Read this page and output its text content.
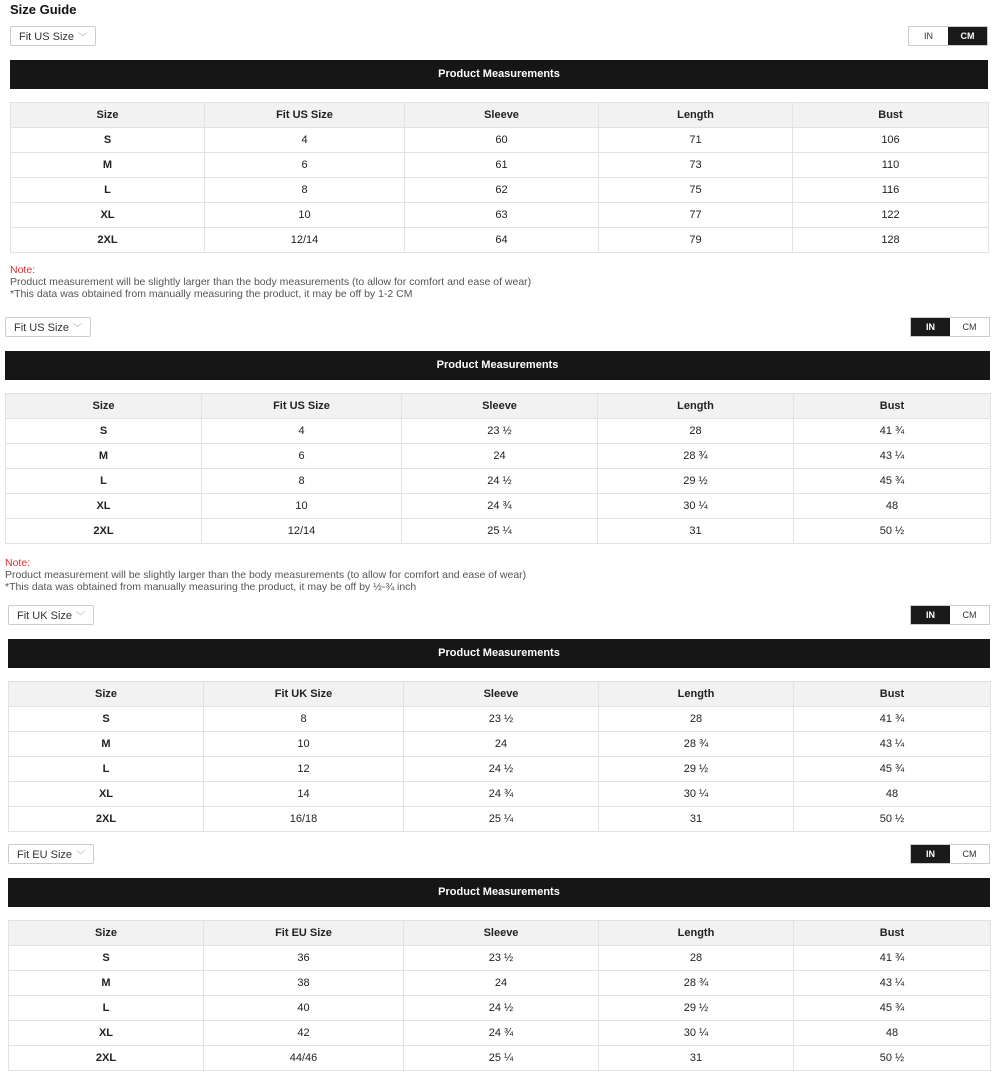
Size Guide
Fit US Size ﹀	IN	CM
Product Measurements
Size	Fit US Size	Sleeve	Length	Bust
S	4	60	71	106
M	6	61	73	110
L	8	62	75	116
XL	10	63	77	122
2XL	12/14	64	79	128
Note:
Product measurement will be slightly larger than the body measurements (to allow for comfort and ease of wear)
*This data was obtained from manually measuring the product, it may be off by 1-2 CM
Fit US Size ﹀	IN	CM
Product Measurements
Size	Fit US Size	Sleeve	Length	Bust
S	4	23 ½	28	41 ¾
M	6	24	28 ¾	43 ¼
L	8	24 ½	29 ½	45 ¾
XL	10	24 ¾	30 ¼	48
2XL	12/14	25 ¼	31	50 ½
Note:
Product measurement will be slightly larger than the body measurements (to allow for comfort and ease of wear)
*This data was obtained from manually measuring the product, it may be off by ½-¾ inch
Fit UK Size ﹀	IN	CM
Product Measurements
Size	Fit UK Size	Sleeve	Length	Bust
S	8	23 ½	28	41 ¾
M	10	24	28 ¾	43 ¼
L	12	24 ½	29 ½	45 ¾
XL	14	24 ¾	30 ¼	48
2XL	16/18	25 ¼	31	50 ½
Fit EU Size ﹀	IN	CM
Product Measurements
Size	Fit EU Size	Sleeve	Length	Bust
S	36	23 ½	28	41 ¾
M	38	24	28 ¾	43 ¼
L	40	24 ½	29 ½	45 ¾
XL	42	24 ¾	30 ¼	48
2XL	44/46	25 ¼	31	50 ½
